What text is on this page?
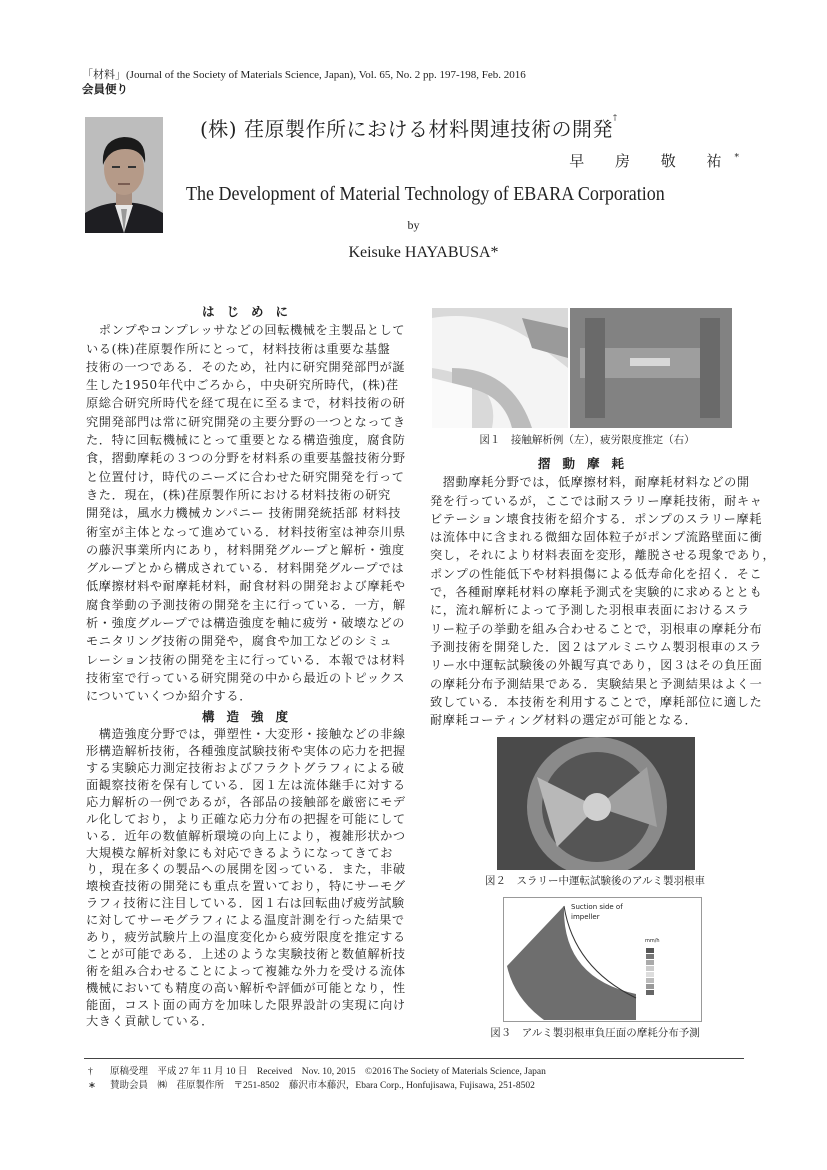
「材料」(Journal of the Society of Materials Science, Japan), Vol. 65, No. 2 pp. 197-198, Feb. 2016
会員便り
(株) 荏原製作所における材料関連技術の開発†
早 房 敬 祐*
The Development of Material Technology of EBARA Corporation
by
Keisuke HAYABUSA*
はじめに
　ポンプやコンプレッサなどの回転機械を主製品として
いる(株)荏原製作所にとって，材料技術は重要な基盤
技術の一つである．そのため，社内に研究開発部門が誕
生した1950年代中ごろから，中央研究所時代，(株)荏
原総合研究所時代を経て現在に至るまで，材料技術の研
究開発部門は常に研究開発の主要分野の一つとなってき
た．特に回転機械にとって重要となる構造強度，腐食防
食，摺動摩耗の３つの分野を材料系の重要基盤技術分野
と位置付け，時代のニーズに合わせた研究開発を行って
きた．現在，(株)荏原製作所における材料技術の研究
開発は，風水力機械カンパニー 技術開発統括部 材料技
術室が主体となって進めている．材料技術室は神奈川県
の藤沢事業所内にあり，材料開発グループと解析・強度
グループとから構成されている．材料開発グループでは
低摩擦材料や耐摩耗材料，耐食材料の開発および摩耗や
腐食挙動の予測技術の開発を主に行っている．一方，解
析・強度グループでは構造強度を軸に疲労・破壊などの
モニタリング技術の開発や，腐食や加工などのシミュ
レーション技術の開発を主に行っている．本報では材料
技術室で行っている研究開発の中から最近のトピックス
についていくつか紹介する．
構造強度
　構造強度分野では，弾塑性・大変形・接触などの非線
形構造解析技術，各種強度試験技術や実体の応力を把握
する実験応力測定技術およびフラクトグラフィによる破
面観察技術を保有している．図１左は流体継手に対する
応力解析の一例であるが，各部品の接触部を厳密にモデ
ル化しており，より正確な応力分布の把握を可能にして
いる．近年の数値解析環境の向上により，複雑形状かつ
大規模な解析対象にも対応できるようになってきてお
り，現在多くの製品への展開を図っている．また，非破
壊検査技術の開発にも重点を置いており，特にサーモグ
ラフィ技術に注目している．図１右は回転曲げ疲労試験
に対してサーモグラフィによる温度計測を行った結果で
あり，疲労試験片上の温度変化から疲労限度を推定する
ことが可能である．上述のような実験技術と数値解析技
術を組み合わせることによって複雑な外力を受ける流体
機械においても精度の高い解析や評価が可能となり，性
能面，コスト面の両方を加味した限界設計の実現に向け
大きく貢献している．
図１　接触解析例（左），疲労限度推定（右）
摺動摩耗
　摺動摩耗分野では，低摩擦材料，耐摩耗材料などの開
発を行っているが，ここでは耐スラリー摩耗技術，耐キャ
ビテーション壊食技術を紹介する．ポンプのスラリー摩耗
は流体中に含まれる微細な固体粒子がポンプ流路壁面に衝
突し，それにより材料表面を変形，離脱させる現象であり，
ポンプの性能低下や材料損傷による低寿命化を招く．そこ
で，各種耐摩耗材料の摩耗予測式を実験的に求めるととも
に，流れ解析によって予測した羽根車表面におけるスラ
リー粒子の挙動を組み合わせることで，羽根車の摩耗分布
予測技術を開発した．図２はアルミニウム製羽根車のスラ
リー水中運転試験後の外観写真であり，図３はその負圧面
の摩耗分布予測結果である．実験結果と予測結果はよく一
致している．本技術を利用することで，摩耗部位に適した
耐摩耗コーティング材料の選定が可能となる．
図２　スラリー中運転試験後のアルミ製羽根車
Suction side of impeller
mm/h
図３　アルミ製羽根車負圧面の摩耗分布予測
† 原稿受理　平成 27 年 11 月 10 日　Received　Nov. 10, 2015　©2016 The Society of Materials Science, Japan
∗ 賛助会員　㈱　荏原製作所　〒251-8502　藤沢市本藤沢，Ebara Corp., Honfujisawa, Fujisawa, 251-8502
